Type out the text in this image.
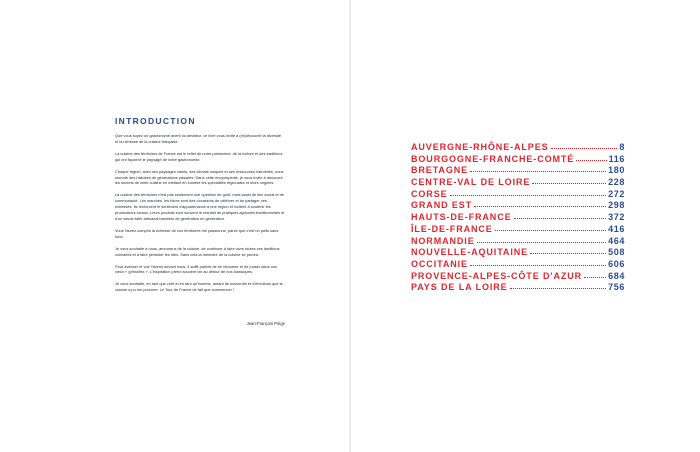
INTRODUCTION

Que vous soyez un gastronome averti ou amateur, ce livre vous invite à (re)découvrir la diversité et la richesse de la cuisine française.

La cuisine des territoires de France est le reflet de notre patrimoine, de la culture et des traditions qui ont façonné le paysage de notre gastronomie.

Chaque région, avec ses paysages variés, ses climats uniques et ses ressources naturelles, nous raconte des histoires de générations passées. Dans cette encyclopédie, je vous invite à découvrir les secrets de cette cuisine en mettant en lumière les spécialités régionales et leurs origines.

La cuisine des territoires n'est pas seulement une question de goût, mais aussi de lien social et de communauté. Les marchés, les foires sont des occasions de célébrer et de partager ces richesses. Ils renforcent le sentiment d'appartenance à une région et incitent à soutenir les producteurs locaux. Leurs produits sont souvent le résultat de pratiques agricoles traditionnelles et d'un savoir-faire artisanal transmis de génération en génération.

Vous l'aurez compris la richesse de nos territoires me passionne, parce que c'est un puits sans fond.

Je vous souhaite à nous, amoureux de la cuisine, de continuer à faire vivre toutes ces traditions culinaires et à faire persister les rites. Sans cela la mémoire de la cuisine se perdra.

Pour avancer et voir l'avenir devant nous, il suffit parfois de se retourner et de puiser dans nos vieux « grimoires ». L'inspiration prend souvent vie au détour de nos classiques.

Je vous souhaite, en tant que chef et en tant qu'homme, autant de souvenirs et d'émotions que la cuisine a pu me procurer. Le Tour de France ne fait que commencer !

Jean-François Piège
AUVERGNE-RHÔNE-ALPES	8
BOURGOGNE-FRANCHE-COMTÉ	116
BRETAGNE	180
CENTRE-VAL DE LOIRE	228
CORSE	272
GRAND EST	298
HAUTS-DE-FRANCE	372
ÎLE-DE-FRANCE	416
NORMANDIE	464
NOUVELLE-AQUITAINE	508
OCCITANIE	606
PROVENCE-ALPES-CÔTE D'AZUR	684
PAYS DE LA LOIRE	756
